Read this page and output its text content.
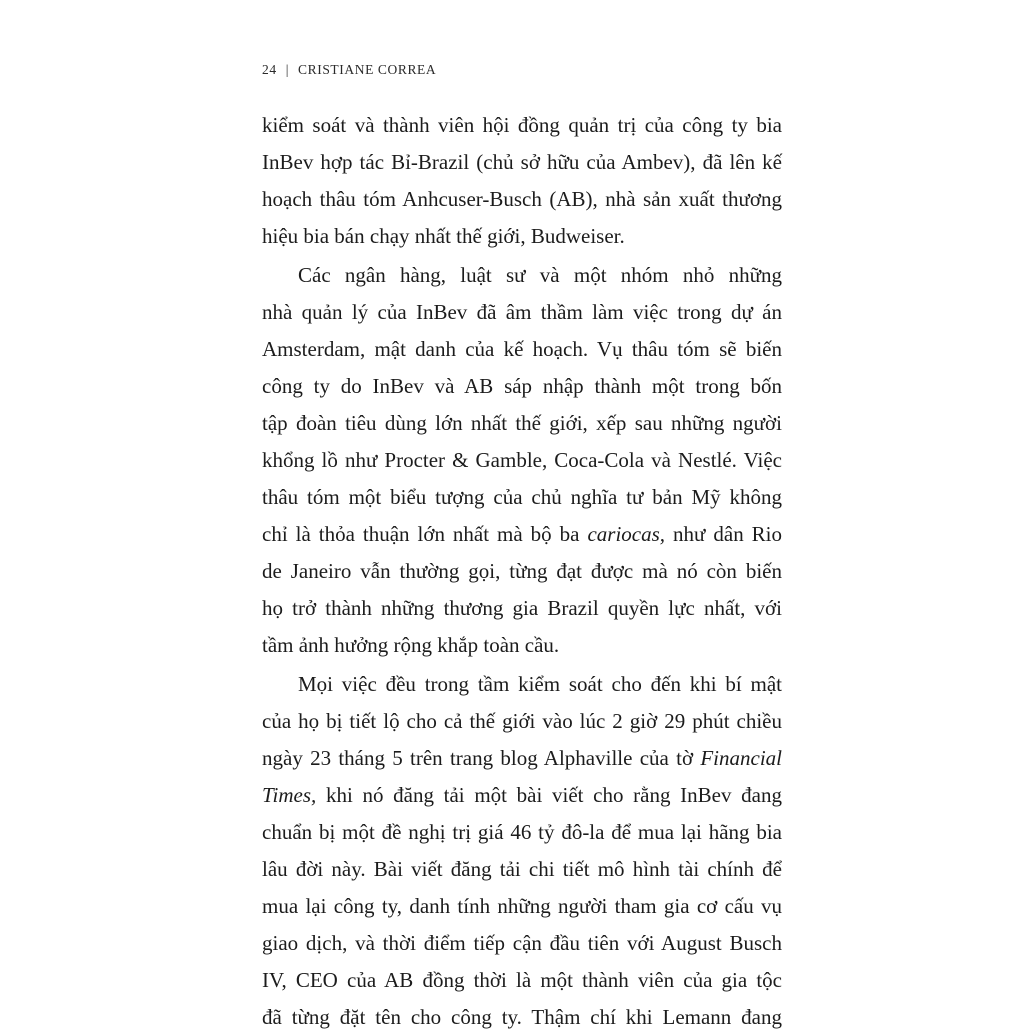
24 | CRISTIANE CORREA
kiểm soát và thành viên hội đồng quản trị của công ty bia
InBev hợp tác Bỉ-Brazil (chủ sở hữu của Ambev), đã lên kế
hoạch thâu tóm Anhcuser-Busch (AB), nhà sản xuất thương
hiệu bia bán chạy nhất thế giới, Budweiser.
Các ngân hàng, luật sư và một nhóm nhỏ những
nhà quản lý của InBev đã âm thầm làm việc trong dự án
Amsterdam, mật danh của kế hoạch. Vụ thâu tóm sẽ biến
công ty do InBev và AB sáp nhập thành một trong bốn
tập đoàn tiêu dùng lớn nhất thế giới, xếp sau những người
khổng lồ như Procter & Gamble, Coca-Cola và Nestlé. Việc
thâu tóm một biểu tượng của chủ nghĩa tư bản Mỹ không
chỉ là thỏa thuận lớn nhất mà bộ ba cariocas, như dân Rio
de Janeiro vẫn thường gọi, từng đạt được mà nó còn biến
họ trở thành những thương gia Brazil quyền lực nhất, với
tầm ảnh hưởng rộng khắp toàn cầu.
Mọi việc đều trong tầm kiểm soát cho đến khi bí mật
của họ bị tiết lộ cho cả thế giới vào lúc 2 giờ 29 phút chiều
ngày 23 tháng 5 trên trang blog Alphaville của tờ Financial
Times, khi nó đăng tải một bài viết cho rằng InBev đang
chuẩn bị một đề nghị trị giá 46 tỷ đô-la để mua lại hãng bia
lâu đời này. Bài viết đăng tải chi tiết mô hình tài chính để
mua lại công ty, danh tính những người tham gia cơ cấu vụ
giao dịch, và thời điểm tiếp cận đầu tiên với August Busch
IV, CEO của AB đồng thời là một thành viên của gia tộc
đã từng đặt tên cho công ty. Thậm chí khi Lemann đang
